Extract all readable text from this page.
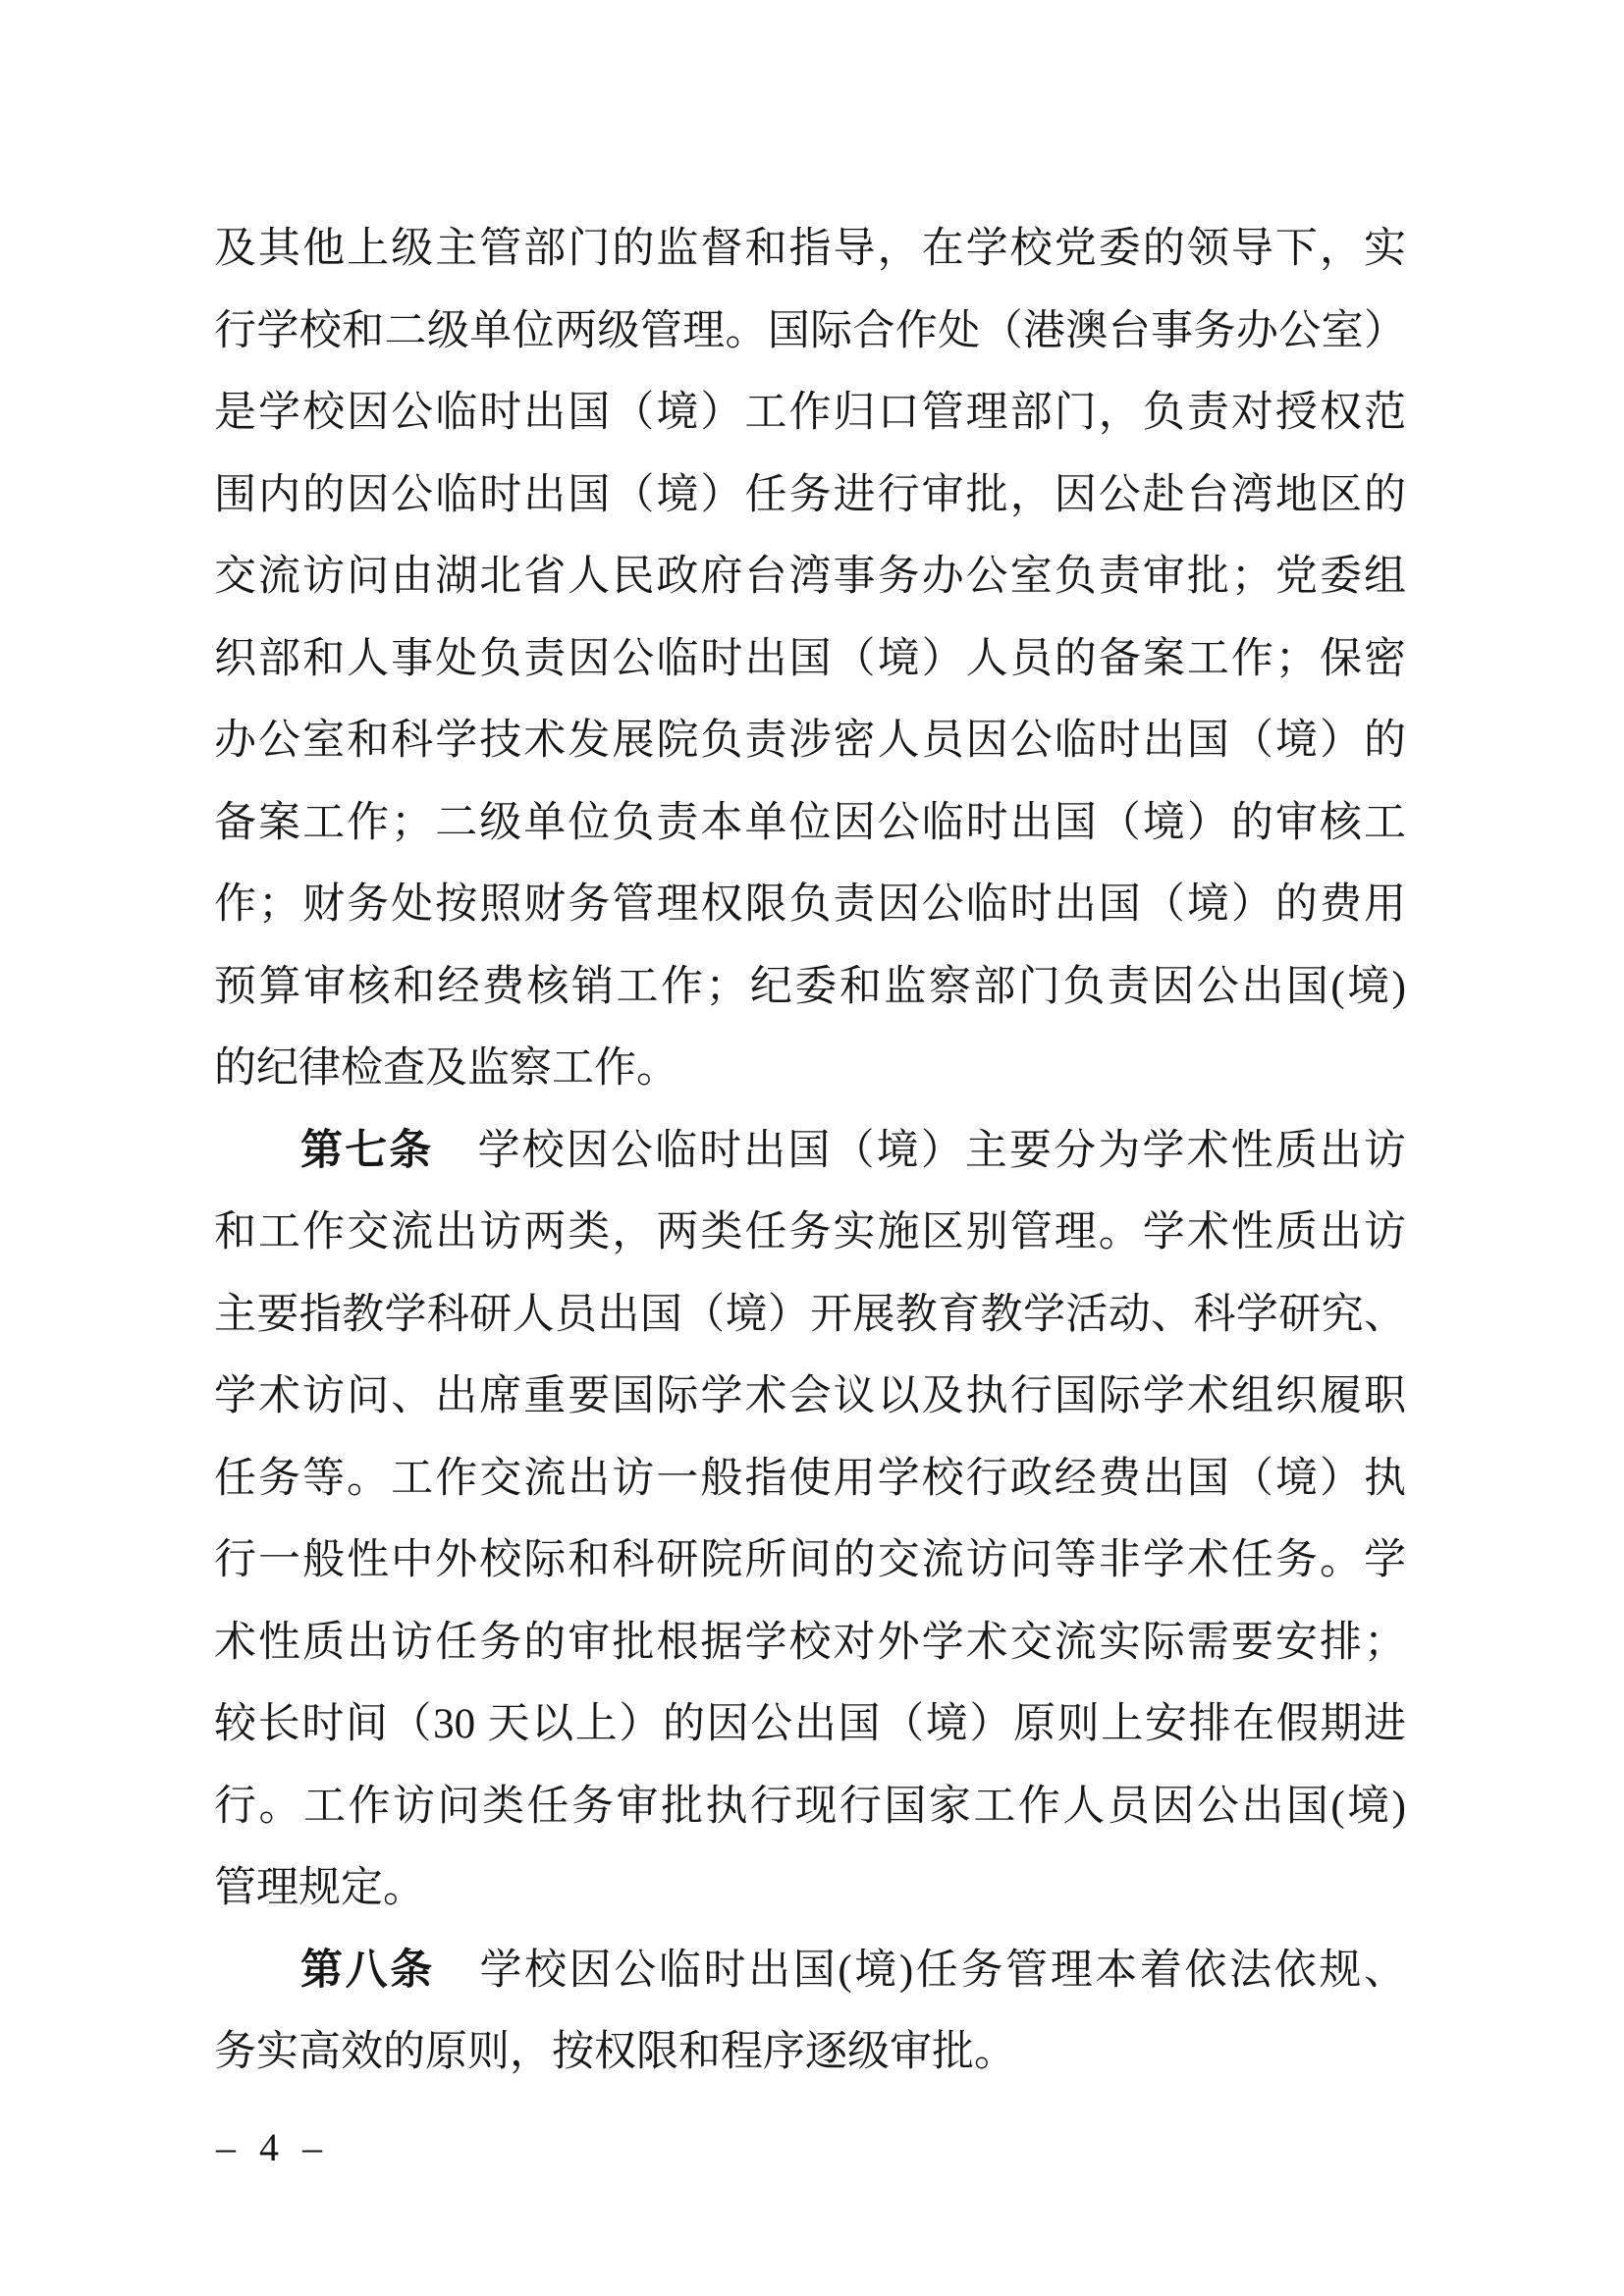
及其他上级主管部门的监督和指导，在学校党委的领导下，实
行学校和二级单位两级管理。国际合作处（港澳台事务办公室）
是学校因公临时出国（境）工作归口管理部门，负责对授权范
围内的因公临时出国（境）任务进行审批，因公赴台湾地区的
交流访问由湖北省人民政府台湾事务办公室负责审批；党委组
织部和人事处负责因公临时出国（境）人员的备案工作；保密
办公室和科学技术发展院负责涉密人员因公临时出国（境）的
备案工作；二级单位负责本单位因公临时出国（境）的审核工
作；财务处按照财务管理权限负责因公临时出国（境）的费用
预算审核和经费核销工作；纪委和监察部门负责因公出国(境)
的纪律检查及监察工作。
第七条　学校因公临时出国（境）主要分为学术性质出访
和工作交流出访两类，两类任务实施区别管理。学术性质出访
主要指教学科研人员出国（境）开展教育教学活动、科学研究、
学术访问、出席重要国际学术会议以及执行国际学术组织履职
任务等。工作交流出访一般指使用学校行政经费出国（境）执
行一般性中外校际和科研院所间的交流访问等非学术任务。学
术性质出访任务的审批根据学校对外学术交流实际需要安排；
较长时间（30 天以上）的因公出国（境）原则上安排在假期进
行。工作访问类任务审批执行现行国家工作人员因公出国(境)
管理规定。
第八条　学校因公临时出国(境)任务管理本着依法依规、
务实高效的原则，按权限和程序逐级审批。
– 4 –
